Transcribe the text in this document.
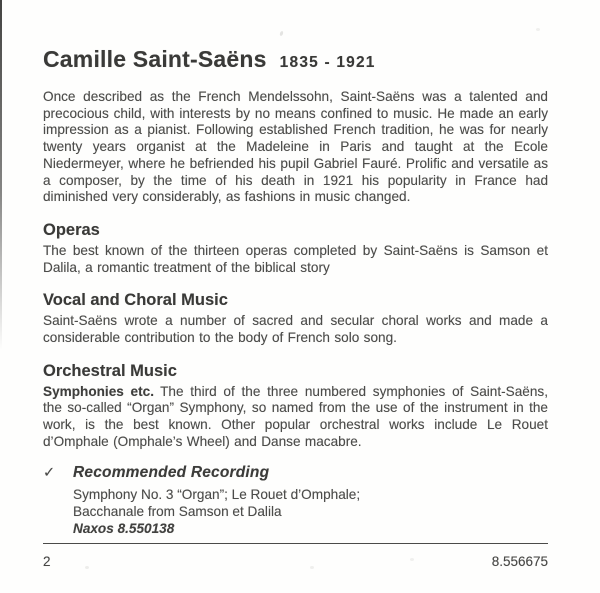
Camille Saint-Saëns 1835 - 1921

Once described as the French Mendelssohn, Saint-Saëns was a talented and precocious child, with interests by no means confined to music. He made an early impression as a pianist. Following established French tradition, he was for nearly twenty years organist at the Madeleine in Paris and taught at the Ecole Niedermeyer, where he befriended his pupil Gabriel Fauré. Prolific and versatile as a composer, by the time of his death in 1921 his popularity in France had diminished very considerably, as fashions in music changed.

Operas

The best known of the thirteen operas completed by Saint-Saëns is Samson et Dalila, a romantic treatment of the biblical story

Vocal and Choral Music

Saint-Saëns wrote a number of sacred and secular choral works and made a considerable contribution to the body of French solo song.

Orchestral Music

Symphonies etc. The third of the three numbered symphonies of Saint-Saëns, the so-called “Organ” Symphony, so named from the use of the instrument in the work, is the best known. Other popular orchestral works include Le Rouet d’Omphale (Omphale’s Wheel) and Danse macabre.

✓	Recommended Recording
Symphony No. 3 “Organ”; Le Rouet d’Omphale;
Bacchanale from Samson et Dalila
Naxos 8.550138
2	8.556675
